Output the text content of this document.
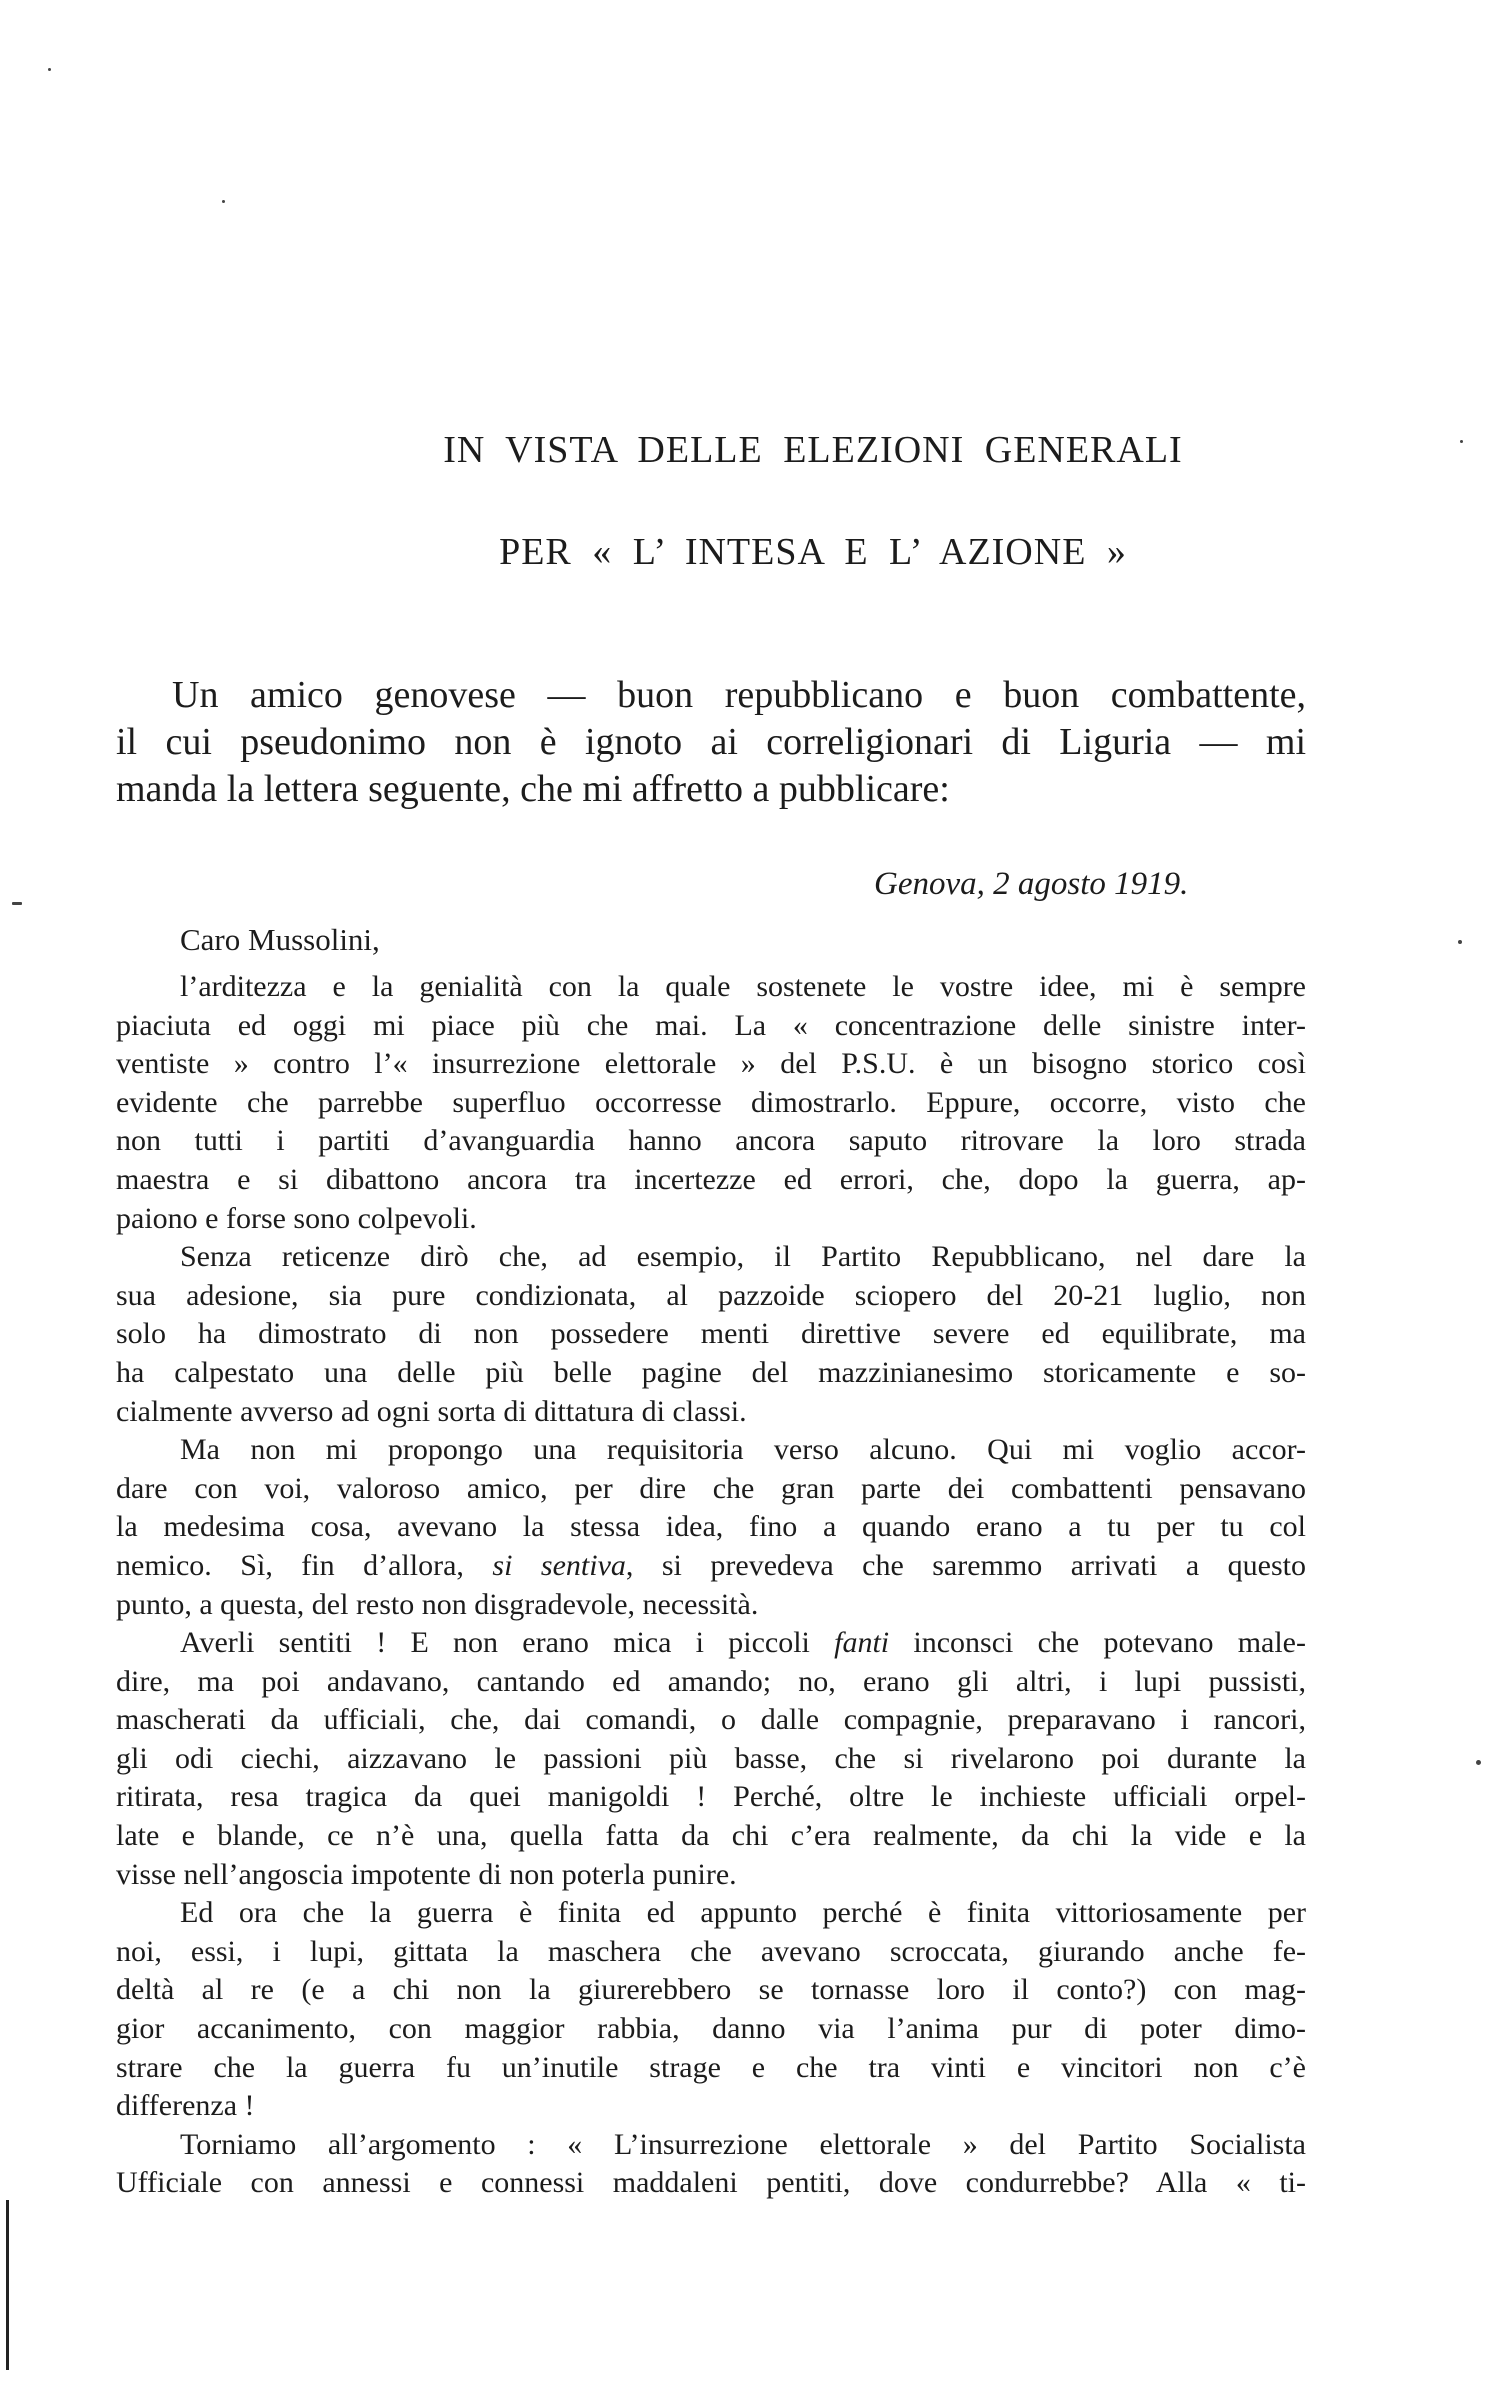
IN VISTA DELLE ELEZIONI GENERALI
PER « L’ INTESA E L’ AZIONE »
Un amico genovese — buon repubblicano e buon combattente,
il cui pseudonimo non è ignoto ai correligionari di Liguria — mi
manda la lettera seguente, che mi affretto a pubblicare:
Genova, 2 agosto 1919.
Caro Mussolini,
l’arditezza e la genialità con la quale sostenete le vostre idee, mi è sempre
piaciuta ed oggi mi piace più che mai. La « concentrazione delle sinistre inter-
ventiste » contro l’« insurrezione elettorale » del P.S.U. è un bisogno storico così
evidente che parrebbe superfluo occorresse dimostrarlo. Eppure, occorre, visto che
non tutti i partiti d’avanguardia hanno ancora saputo ritrovare la loro strada
maestra e si dibattono ancora tra incertezze ed errori, che, dopo la guerra, ap-
paiono e forse sono colpevoli.
Senza reticenze dirò che, ad esempio, il Partito Repubblicano, nel dare la
sua adesione, sia pure condizionata, al pazzoide sciopero del 20-21 luglio, non
solo ha dimostrato di non possedere menti direttive severe ed equilibrate, ma
ha calpestato una delle più belle pagine del mazzinianesimo storicamente e so-
cialmente avverso ad ogni sorta di dittatura di classi.
Ma non mi propongo una requisitoria verso alcuno. Qui mi voglio accor-
dare con voi, valoroso amico, per dire che gran parte dei combattenti pensavano
la medesima cosa, avevano la stessa idea, fino a quando erano a tu per tu col
nemico. Sì, fin d’allora, si sentiva, si prevedeva che saremmo arrivati a questo
punto, a questa, del resto non disgradevole, necessità.
Averli sentiti ! E non erano mica i piccoli fanti inconsci che potevano male-
dire, ma poi andavano, cantando ed amando; no, erano gli altri, i lupi pussisti,
mascherati da ufficiali, che, dai comandi, o dalle compagnie, preparavano i rancori,
gli odi ciechi, aizzavano le passioni più basse, che si rivelarono poi durante la
ritirata, resa tragica da quei manigoldi ! Perché, oltre le inchieste ufficiali orpel-
late e blande, ce n’è una, quella fatta da chi c’era realmente, da chi la vide e la
visse nell’angoscia impotente di non poterla punire.
Ed ora che la guerra è finita ed appunto perché è finita vittoriosamente per
noi, essi, i lupi, gittata la maschera che avevano scroccata, giurando anche fe-
deltà al re (e a chi non la giurerebbero se tornasse loro il conto?) con mag-
gior accanimento, con maggior rabbia, danno via l’anima pur di poter dimo-
strare che la guerra fu un’inutile strage e che tra vinti e vincitori non c’è
differenza !
Torniamo all’argomento : « L’insurrezione elettorale » del Partito Socialista
Ufficiale con annessi e connessi maddaleni pentiti, dove condurrebbe? Alla « ti-
